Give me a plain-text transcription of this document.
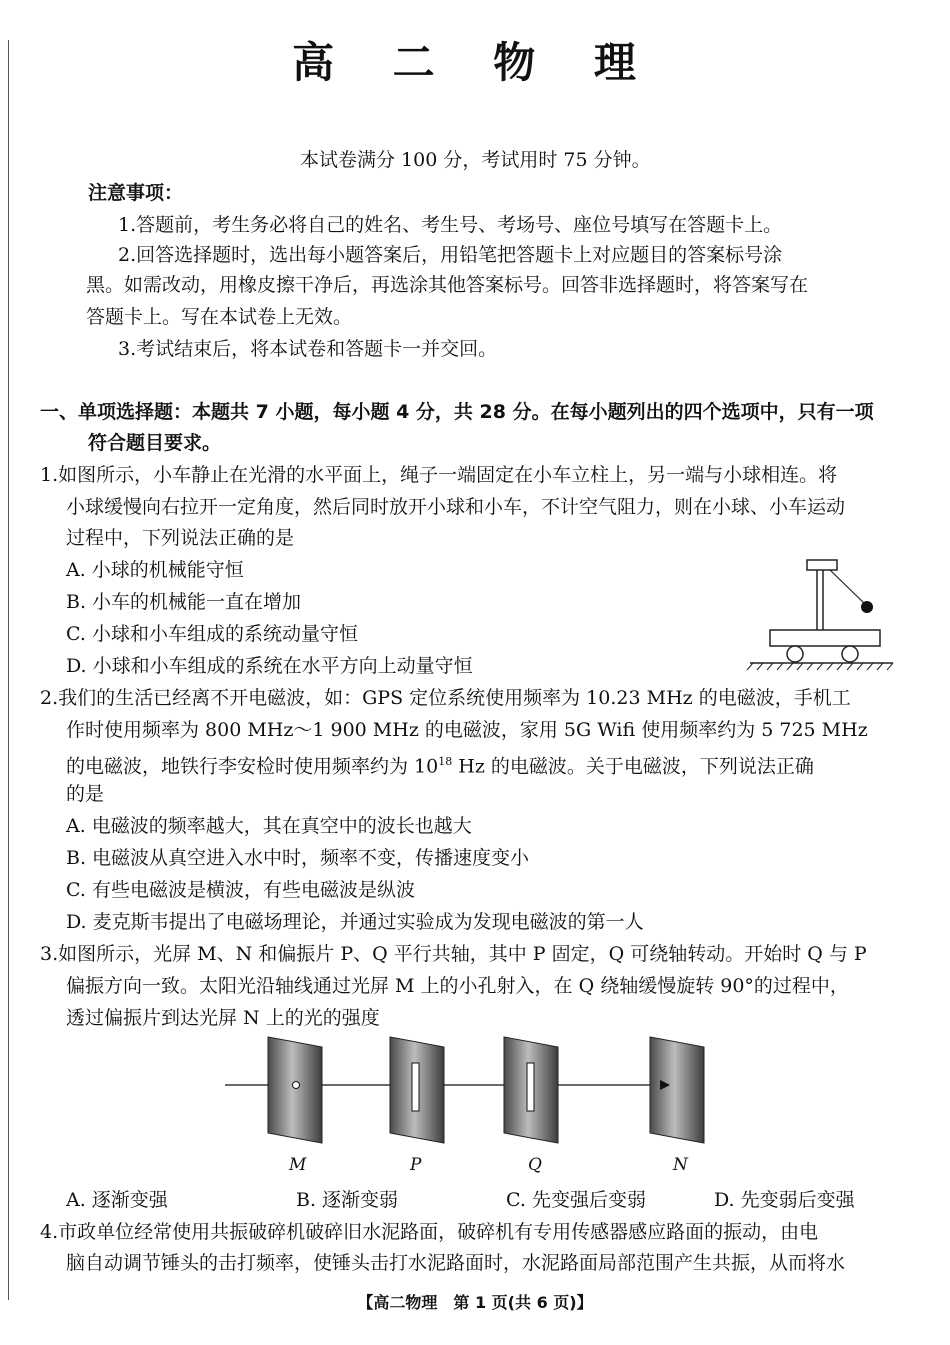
高 二 物 理
本试卷满分 100 分，考试用时 75 分钟。
注意事项：
1.答题前，考生务必将自己的姓名、考生号、考场号、座位号填写在答题卡上。
2.回答选择题时，选出每小题答案后，用铅笔把答题卡上对应题目的答案标号涂
黑。如需改动，用橡皮擦干净后，再选涂其他答案标号。回答非选择题时，将答案写在
答题卡上。写在本试卷上无效。
3.考试结束后，将本试卷和答题卡一并交回。
一、单项选择题：本题共 7 小题，每小题 4 分，共 28 分。在每小题列出的四个选项中，只有一项
符合题目要求。
1.如图所示，小车静止在光滑的水平面上，绳子一端固定在小车立柱上，另一端与小球相连。将
小球缓慢向右拉开一定角度，然后同时放开小球和小车，不计空气阻力，则在小球、小车运动
过程中，下列说法正确的是
A. 小球的机械能守恒
B. 小车的机械能一直在增加
C. 小球和小车组成的系统动量守恒
D. 小球和小车组成的系统在水平方向上动量守恒
2.我们的生活已经离不开电磁波，如：GPS 定位系统使用频率为 10.23 MHz 的电磁波，手机工
作时使用频率为 800 MHz～1 900 MHz 的电磁波，家用 5G Wifi 使用频率约为 5 725 MHz
的电磁波，地铁行李安检时使用频率约为 $10^{18}$ Hz 的电磁波。关于电磁波，下列说法正确
的是
A. 电磁波的频率越大，其在真空中的波长也越大
B. 电磁波从真空进入水中时，频率不变，传播速度变小
C. 有些电磁波是横波，有些电磁波是纵波
D. 麦克斯韦提出了电磁场理论，并通过实验成为发现电磁波的第一人
3.如图所示，光屏 M、N 和偏振片 P、Q 平行共轴，其中 P 固定，Q 可绕轴转动。开始时 Q 与 P
偏振方向一致。太阳光沿轴线通过光屏 M 上的小孔射入，在 Q 绕轴缓慢旋转 90°的过程中，
透过偏振片到达光屏 N 上的光的强度
M	P	Q	N
A. 逐渐变强	B. 逐渐变弱	C. 先变强后变弱	D. 先变弱后变强
4.市政单位经常使用共振破碎机破碎旧水泥路面，破碎机有专用传感器感应路面的振动，由电
脑自动调节锤头的击打频率，使锤头击打水泥路面时，水泥路面局部范围产生共振，从而将水
【高二物理　第 1 页(共 6 页)】
